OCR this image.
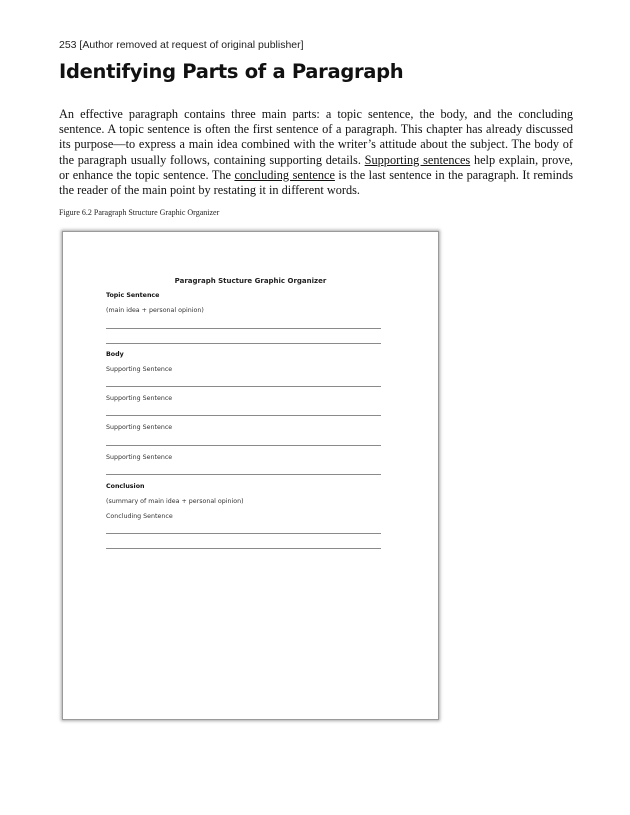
253 [Author removed at request of original publisher]
Identifying Parts of a Paragraph

An effective paragraph contains three main parts: a topic sentence, the body, and the concluding sentence. A topic sentence is often the first sentence of a paragraph. This chapter has already discussed its purpose—to express a main idea combined with the writer’s attitude about the subject. The body of the paragraph usually follows, containing supporting details. Supporting sentences help explain, prove, or enhance the topic sentence. The concluding sentence is the last sentence in the paragraph. It reminds the reader of the main point by restating it in different words.

Figure 6.2 Paragraph Structure Graphic Organizer
Paragraph Stucture Graphic Organizer
Topic Sentence
(main idea + personal opinion)
Body
Supporting Sentence
Supporting Sentence
Supporting Sentence
Supporting Sentence
Conclusion
(summary of main idea + personal opinion)
Concluding Sentence
